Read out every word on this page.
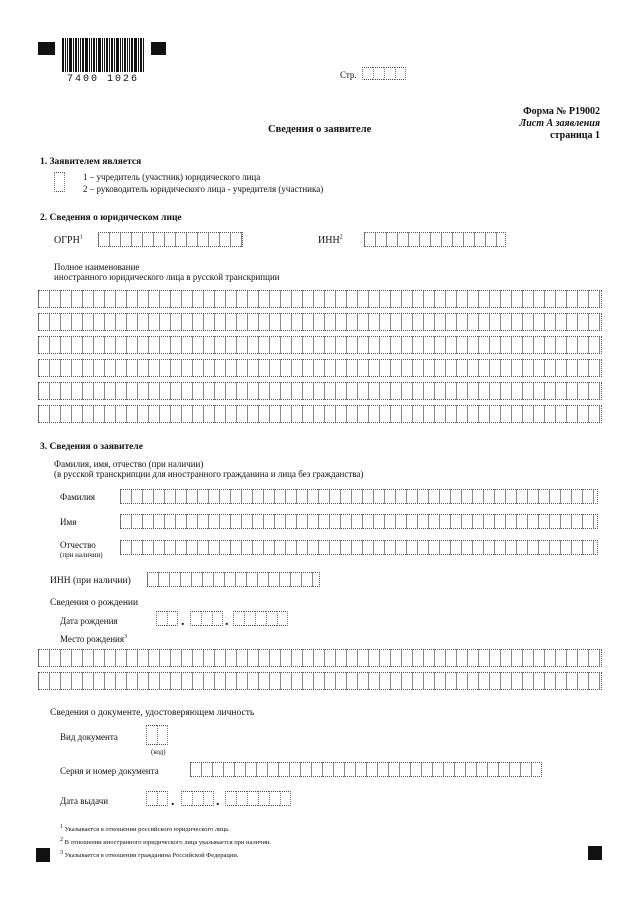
7400 1026	Стр.
Форма № Р19002
Лист А заявления
страница 1
Сведения о заявителе
1. Заявителем является
1 – учредитель (участник) юридического лица
2 – руководитель юридического лица - учредителя (участника)
2. Сведения о юридическом лице
ОГРН$^1$	ИНН$^2$
Полное наименование
иностранного юридического лица в русской транскрипции
3. Сведения о заявителе
Фамилия, имя, отчество (при наличии)
(в русской транскрипции для иностранного гражданина и лица без гражданства)
Фамилия
Имя
Отчество
(при наличии)
ИНН (при наличии)
Сведения о рождении
Дата рождения	.	.
Место рождения$^3$
Сведения о документе, удостоверяющем личность
Вид документа
(код)
Серия и номер документа
Дата выдачи	.	.
1 Указывается в отношении российского юридического лица.
2 В отношении иностранного юридического лица указывается при наличии.
3 Указывается в отношении гражданина Российской Федерации.
